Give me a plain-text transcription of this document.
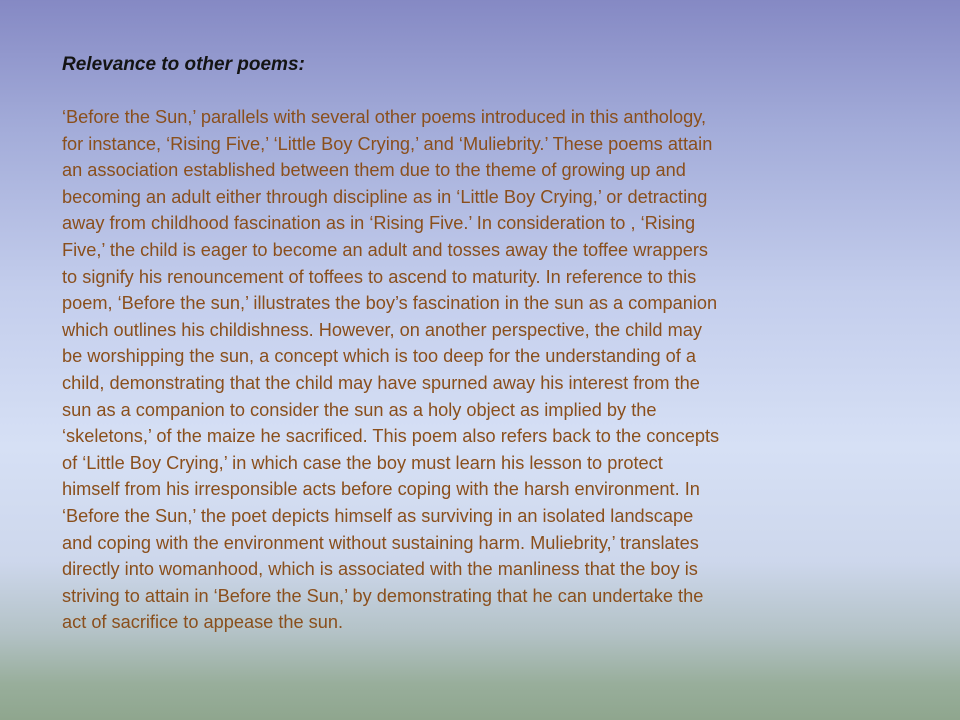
Relevance to other poems:

‘Before the Sun,’ parallels with several other poems introduced in this anthology,
for instance, ‘Rising Five,’ ‘Little Boy Crying,’ and ‘Muliebrity.’ These poems attain
an association established between them due to the theme of growing up and
becoming an adult either through discipline as in ‘Little Boy Crying,’ or detracting
away from childhood fascination as in ‘Rising Five.’ In consideration to , ‘Rising
Five,’ the child is eager to become an adult and tosses away the toffee wrappers
to signify his renouncement of toffees to ascend to maturity. In reference to this
poem, ‘Before the sun,’ illustrates the boy’s fascination in the sun as a companion
which outlines his childishness. However, on another perspective, the child may
be worshipping the sun, a concept which is too deep for the understanding of a
child, demonstrating that the child may have spurned away his interest from the
sun as a companion to consider the sun as a holy object as implied by the
‘skeletons,’ of the maize he sacrificed. This poem also refers back to the concepts
of ‘Little Boy Crying,’ in which case the boy must learn his lesson to protect
himself from his irresponsible acts before coping with the harsh environment. In
‘Before the Sun,’ the poet depicts himself as surviving in an isolated landscape
and coping with the environment without sustaining harm. Muliebrity,’ translates
directly into womanhood, which is associated with the manliness that the boy is
striving to attain in ‘Before the Sun,’ by demonstrating that he can undertake the
act of sacrifice to appease the sun.
